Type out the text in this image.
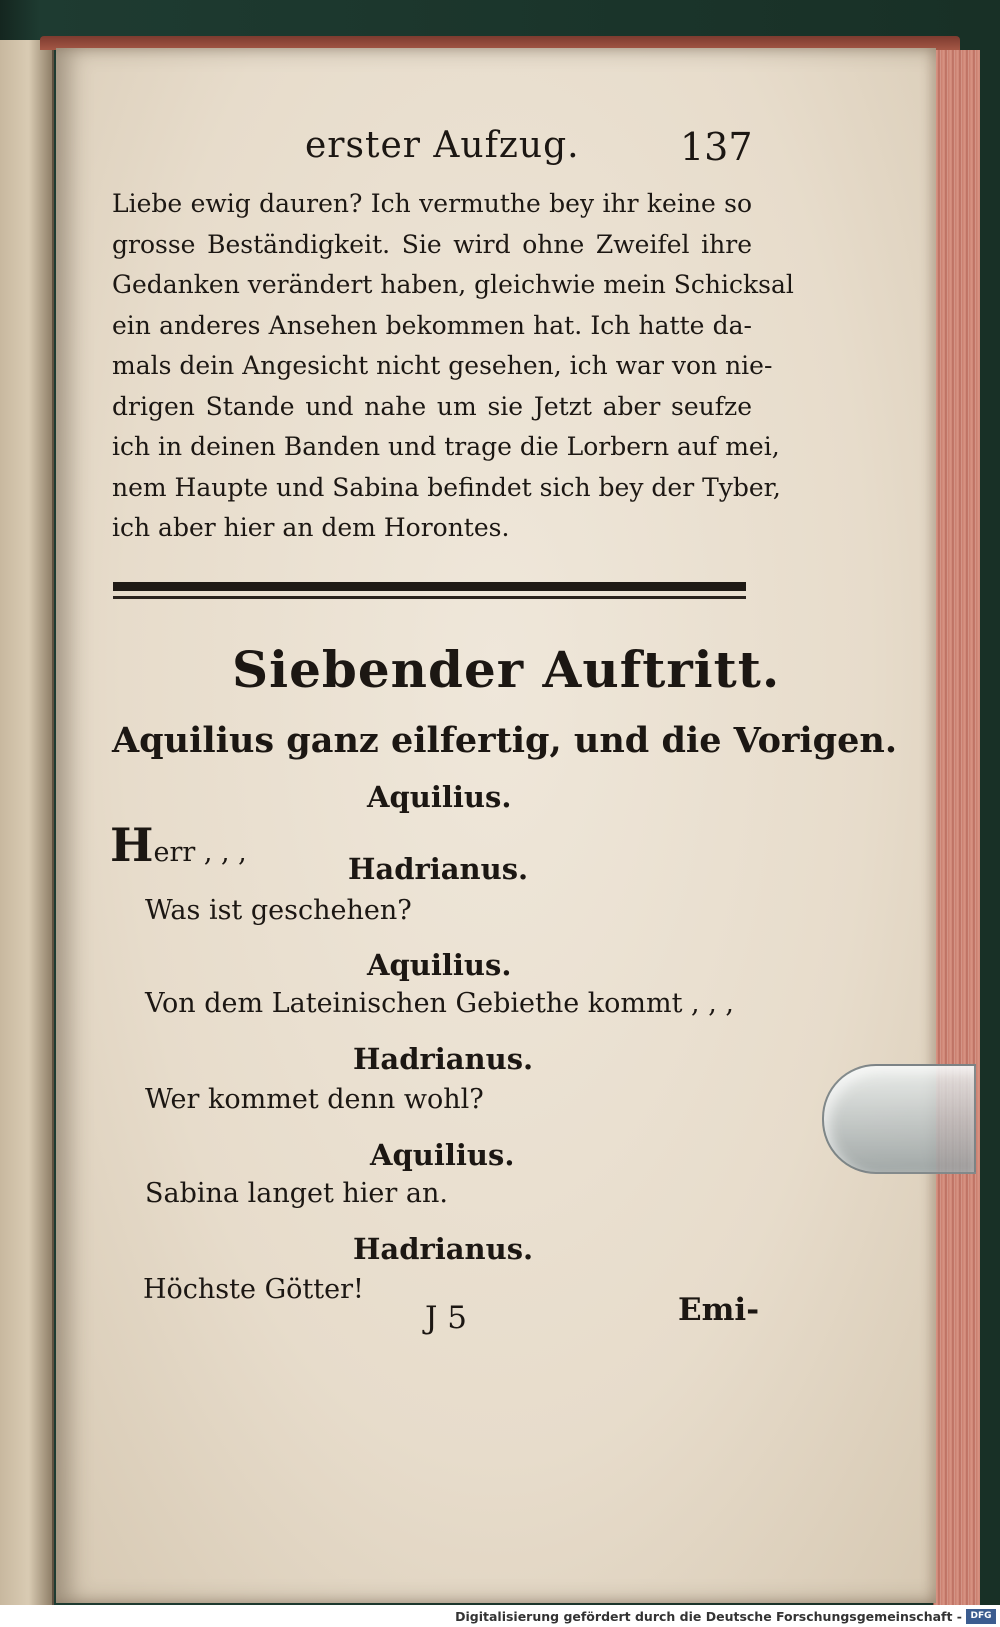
erster Aufzug.	137
Liebe ewig dauren? Ich vermuthe bey ihr keine so
grosse Beständigkeit. Sie wird ohne Zweifel ihre
Gedanken verändert haben, gleichwie mein Schicksal
ein anderes Ansehen bekommen hat. Ich hatte da-
mals dein Angesicht nicht gesehen, ich war von nie-
drigen Stande und nahe um sie Jetzt aber seufze
ich in deinen Banden und trage die Lorbern auf mei,
nem Haupte und Sabina befindet sich bey der Tyber,
ich aber hier an dem Horontes.
Siebender Auftritt.
Aquilius ganz eilfertig, und die Vorigen.
Aquilius.
Herr , , ,	Hadrianus.
Was ist geschehen?
Aquilius.
Von dem Lateinischen Gebiethe kommt , , ,
Hadrianus.
Wer kommet denn wohl?
Aquilius.
Sabina langet hier an.
Hadrianus.
Höchste Götter!
J 5	Emi-
Digitalisierung gefördert durch die Deutsche Forschungsgemeinschaft - DFG
